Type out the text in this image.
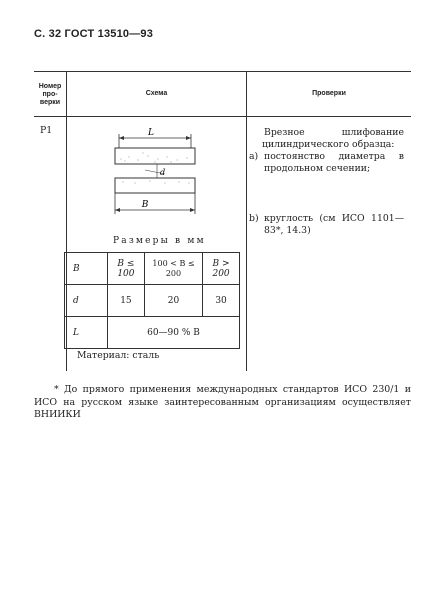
С. 32 ГОСТ 13510—93
Номер про-верки
Схема	Проверки
Р1	L
d
B
Размеры в мм
B	B ≤ 100	100 < B ≤ 200	B > 200
d	15	20	30
L	60—90 % B		
Материал: сталь
Врезное шлифование цилиндрического образца:
а) постоянство диаметра в продольном сечении;
b) круглость (см ИСО 1101—83*, 14.3)
* До прямого применения международных стандартов ИСО 230/1 и ИСО на русском языке заинтересованным организациям осуществляет ВНИИКИ
